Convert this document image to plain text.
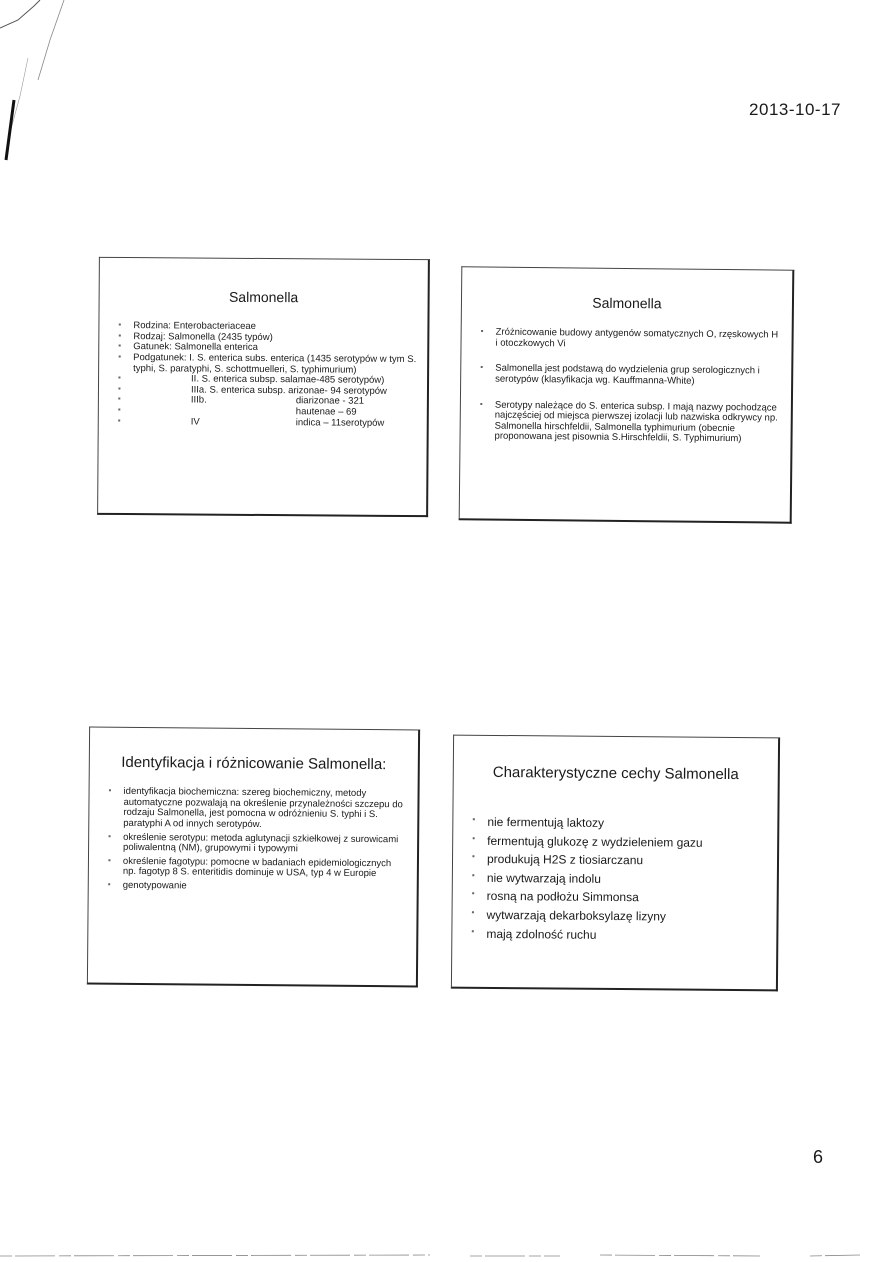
2013-10-17
Salmonella
▪ Rodzina: Enterobacteriaceae
▪ Rodzaj: Salmonella (2435 typów)
▪ Gatunek: Salmonella enterica
▪ Podgatunek: I. S. enterica subs. enterica (1435 serotypów w tym S. typhi, S. paratyphi, S. schottmuelleri, S. typhimurium)
▪	II. S. enterica subsp. salamae-485 serotypów)
▪	IIIa. S. enterica subsp. arizonae- 94 serotypów
▪	IIIb.	diarizonae - 321
▪	hautenae – 69

▪	IV	indica – 11serotypów
Salmonella
▪ Zróżnicowanie budowy antygenów somatycznych O, rzęskowych H i otoczkowych Vi
▪ Salmonella jest podstawą do wydzielenia grup serologicznych i serotypów (klasyfikacja wg. Kauffmanna-White)
▪ Serotypy należące do S. enterica subsp. I mają nazwy pochodzące najczęściej od miejsca pierwszej izolacji lub nazwiska odkrywcy np. Salmonella hirschfeldii, Salmonella typhimurium (obecnie proponowana jest pisownia S.Hirschfeldii, S. Typhimurium)
Identyfikacja i różnicowanie Salmonella:
▪ identyfikacja biochemiczna: szereg biochemiczny, metody automatyczne pozwalają na określenie przynależności szczepu do rodzaju Salmonella, jest pomocna w odróżnieniu S. typhi i S. paratyphi A od innych serotypów.
▪ określenie serotypu: metoda aglutynacji szkiełkowej z surowicami poliwalentną (NM), grupowymi i typowymi
▪ określenie fagotypu: pomocne w badaniach epidemiologicznych np. fagotyp 8 S. enteritidis dominuje w USA, typ 4 w Europie
▪ genotypowanie
Charakterystyczne cechy Salmonella
▪ nie fermentują laktozy
▪ fermentują glukozę z wydzieleniem gazu
▪ produkują H2S z tiosiarczanu
▪ nie wytwarzają indolu
▪ rosną na podłożu Simmonsa
▪ wytwarzają dekarboksylazę lizyny
▪ mają zdolność ruchu
6
